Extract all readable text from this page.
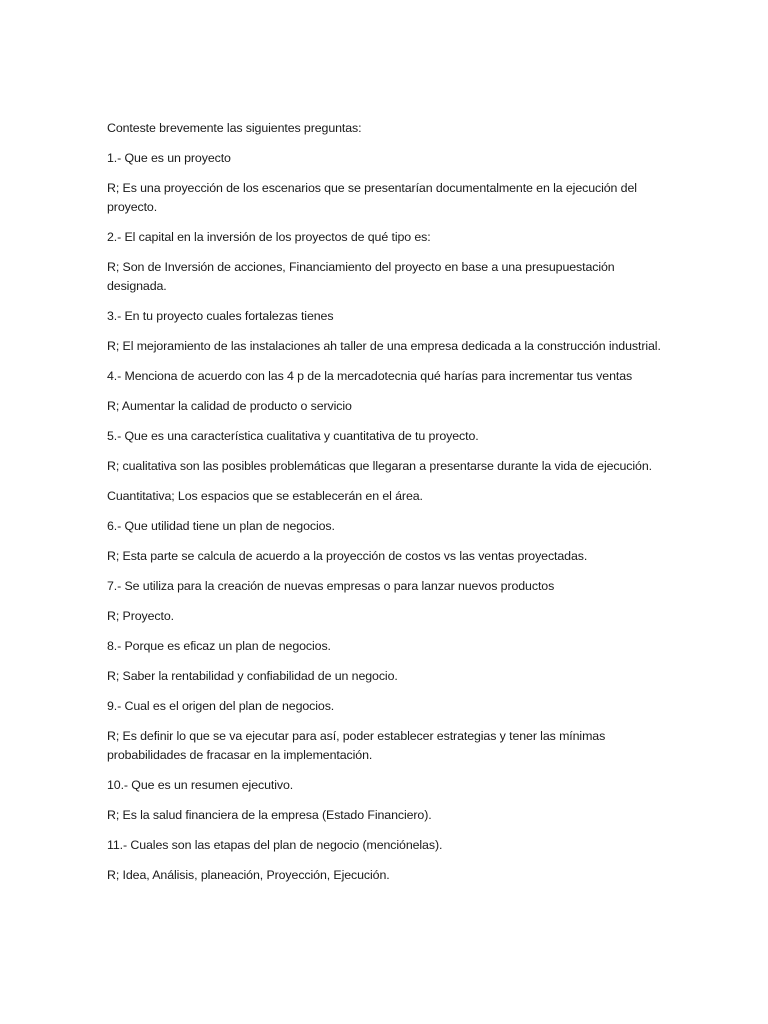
Conteste brevemente las siguientes preguntas:

1.- Que es un proyecto

R; Es una proyección de los escenarios que se presentarían documentalmente en la ejecución del proyecto.

2.- El capital en la inversión de los proyectos de qué tipo es:

R; Son de Inversión de acciones, Financiamiento del proyecto en base a una presupuestación designada.

3.- En tu proyecto cuales fortalezas tienes

R; El mejoramiento de las instalaciones ah taller de una empresa dedicada a la construcción industrial.

4.- Menciona de acuerdo con las 4 p de la mercadotecnia qué harías para incrementar tus ventas

R; Aumentar la calidad de producto o servicio

5.- Que es una característica cualitativa y cuantitativa de tu proyecto.

R; cualitativa son las posibles problemáticas que llegaran a presentarse durante la vida de ejecución.

Cuantitativa; Los espacios que se establecerán en el área.

6.- Que utilidad tiene un plan de negocios.

R; Esta parte se calcula de acuerdo a la proyección de costos vs las ventas proyectadas.

7.- Se utiliza para la creación de nuevas empresas o para lanzar nuevos productos

R; Proyecto.

8.- Porque es eficaz un plan de negocios.

R; Saber la rentabilidad y confiabilidad de un negocio.

9.- Cual es el origen del plan de negocios.

R; Es definir lo que se va ejecutar para así, poder establecer estrategias y tener las mínimas probabilidades de fracasar en la implementación.

10.- Que es un resumen ejecutivo.

R; Es la salud financiera de la empresa (Estado Financiero).

11.- Cuales son las etapas del plan de negocio (menciónelas).

R; Idea, Análisis, planeación, Proyección, Ejecución.
